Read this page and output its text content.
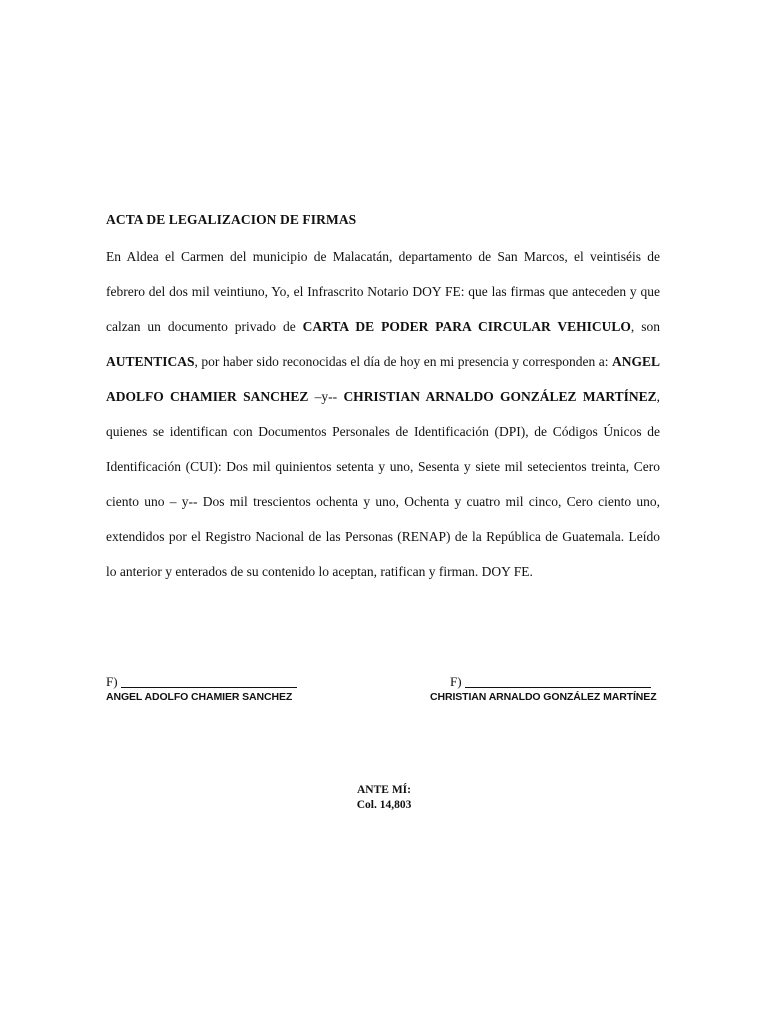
ACTA DE LEGALIZACION DE FIRMAS

En Aldea el Carmen del municipio de Malacatán, departamento de San Marcos, el veintiséis de febrero del dos mil veintiuno, Yo, el Infrascrito Notario DOY FE: que las firmas que anteceden y que calzan un documento privado de CARTA DE PODER PARA CIRCULAR VEHICULO, son AUTENTICAS, por haber sido reconocidas el día de hoy en mi presencia y corresponden a: ANGEL ADOLFO CHAMIER SANCHEZ –y-- CHRISTIAN ARNALDO GONZÁLEZ MARTÍNEZ, quienes se identifican con Documentos Personales de Identificación (DPI), de Códigos Únicos de Identificación (CUI): Dos mil quinientos setenta y uno, Sesenta y siete mil setecientos treinta, Cero ciento uno – y-- Dos mil trescientos ochenta y uno, Ochenta y cuatro mil cinco, Cero ciento uno, extendidos por el Registro Nacional de las Personas (RENAP) de la República de Guatemala. Leído lo anterior y enterados de su contenido lo aceptan, ratifican y firman. DOY FE.

F)
ANGEL ADOLFO CHAMIER SANCHEZ
F)
CHRISTIAN ARNALDO GONZÁLEZ MARTÍNEZ
ANTE MÍ:
Col. 14,803
